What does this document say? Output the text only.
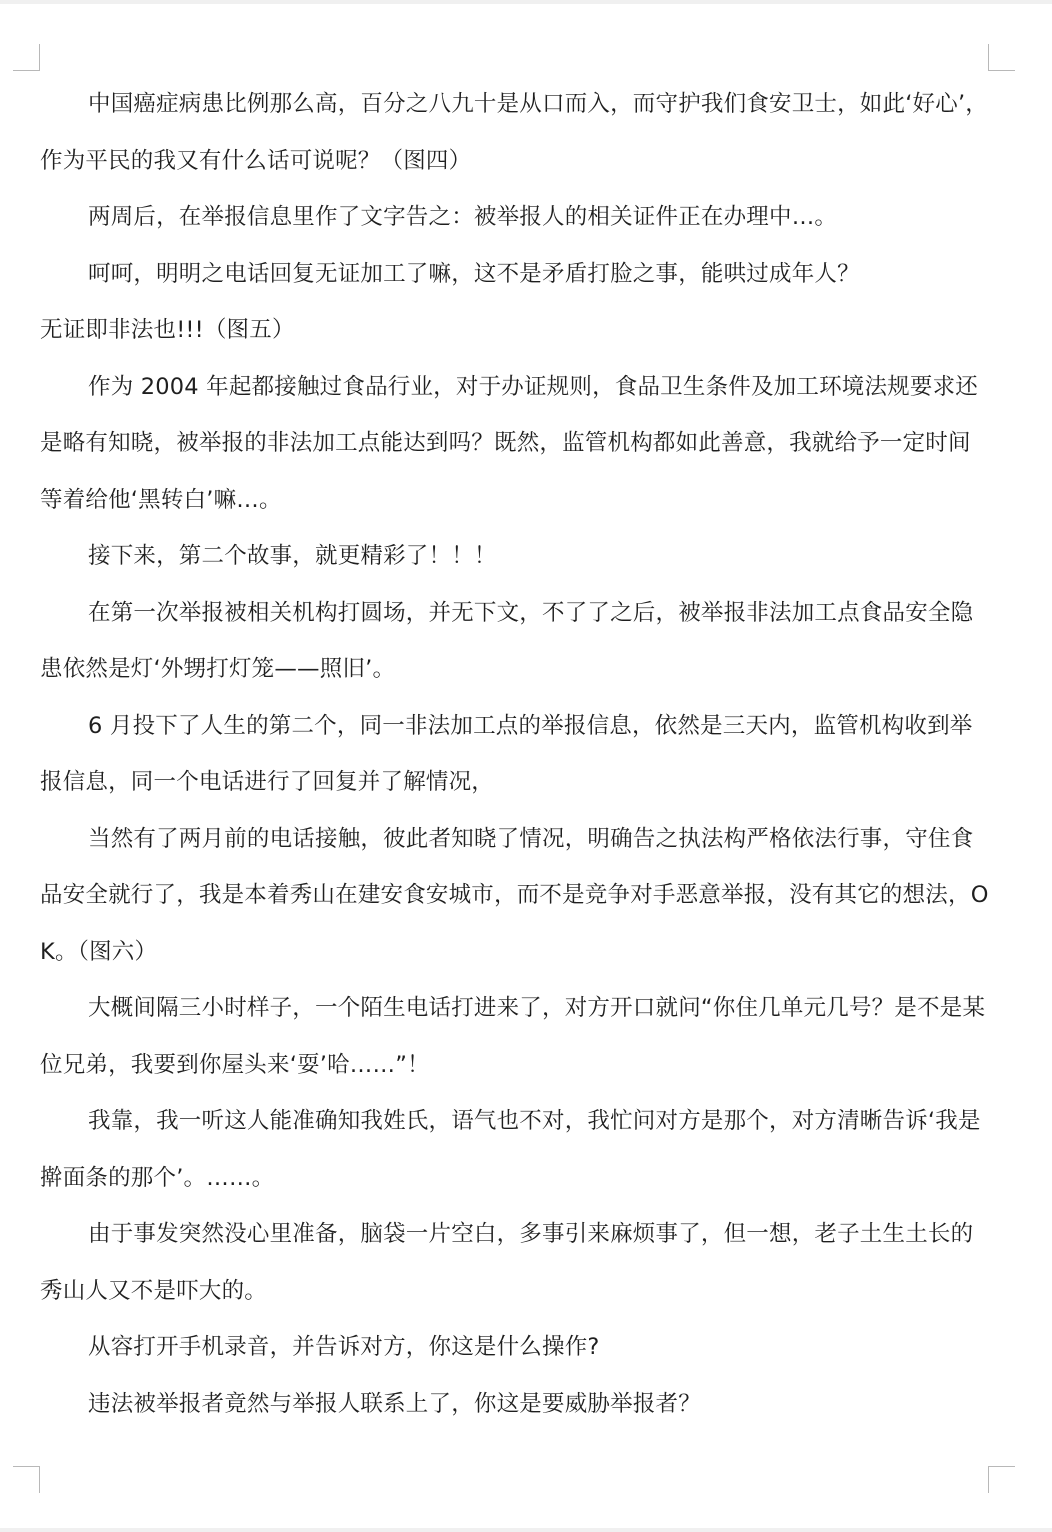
中国癌症病患比例那么高，百分之八九十是从口而入，而守护我们食安卫士，如此‘好心’，作为平民的我又有什么话可说呢？（图四）

两周后，在举报信息里作了文字告之：被举报人的相关证件正在办理中…。

呵呵，明明之电话回复无证加工了嘛，这不是矛盾打脸之事，能哄过成年人？

无证即非法也!!!（图五）

作为 2004 年起都接触过食品行业，对于办证规则，食品卫生条件及加工环境法规要求还是略有知晓，被举报的非法加工点能达到吗？既然，监管机构都如此善意，我就给予一定时间等着给他‘黑转白’嘛…。

接下来，第二个故事，就更精彩了！！！

在第一次举报被相关机构打圆场，并无下文，不了了之后，被举报非法加工点食品安全隐患依然是灯‘外甥打灯笼——照旧’。

6 月投下了人生的第二个，同一非法加工点的举报信息，依然是三天内，监管机构收到举报信息，同一个电话进行了回复并了解情况，

当然有了两月前的电话接触，彼此者知晓了情况，明确告之执法构严格依法行事，守住食品安全就行了，我是本着秀山在建安食安城市，而不是竞争对手恶意举报，没有其它的想法，OK。（图六）

大概间隔三小时样子，一个陌生电话打进来了，对方开口就问“你住几单元几号？是不是某位兄弟，我要到你屋头来‘耍’哈……”！

我靠，我一听这人能准确知我姓氏，语气也不对，我忙问对方是那个，对方清晰告诉‘我是擀面条的那个’。……。

由于事发突然没心里准备，脑袋一片空白，多事引来麻烦事了，但一想，老子土生土长的秀山人又不是吓大的。

从容打开手机录音，并告诉对方，你这是什么操作?

违法被举报者竟然与举报人联系上了，你这是要威胁举报者？
